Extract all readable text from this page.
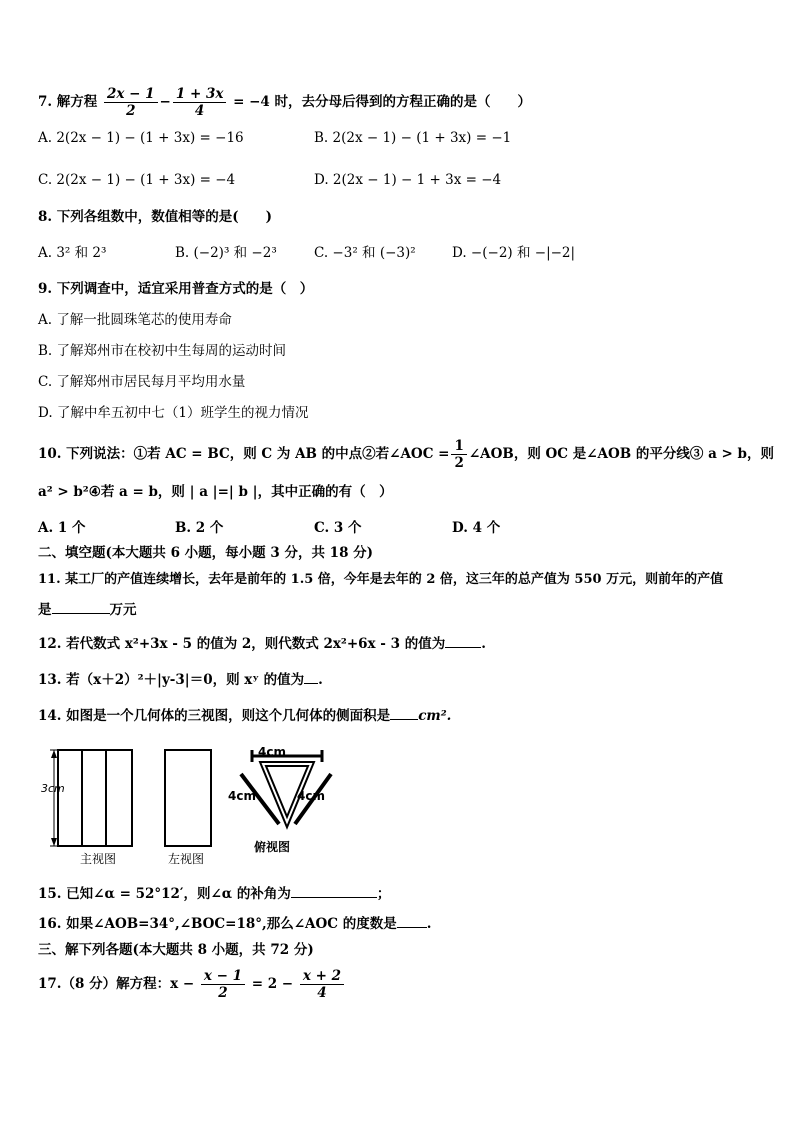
7. 解方程 $\frac{2x - 1}{2} - \frac{1 + 3x}{4} = -4$ 时，去分母后得到的方程正确的是（　　）
A. 2(2x − 1) − (1 + 3x) = −16	B. 2(2x − 1) − (1 + 3x) = −1
C. 2(2x − 1) − (1 + 3x) = −4	D. 2(2x − 1) − 1 + 3x = −4
8. 下列各组数中，数值相等的是(　　)
A. 3² 和 2³	B. (−2)³ 和 −2³	C. −3² 和 (−3)²	D. −(−2) 和 −|−2|
9. 下列调查中，适宜采用普查方式的是（　）
A. 了解一批圆珠笔芯的使用寿命
B. 了解郑州市在校初中生每周的运动时间
C. 了解郑州市居民每月平均用水量
D. 了解中牟五初中七（1）班学生的视力情况
10. 下列说法：①若 AC = BC，则 C 为 AB 的中点②若∠AOC = $\frac{1}{2}$ ∠AOB，则 OC 是∠AOB 的平分线③ a > b，则
a² > b²④若 a = b，则 | a |=| b |，其中正确的有（　）
A. 1 个	B. 2 个	C. 3 个	D. 4 个
二、填空题(本大题共 6 小题，每小题 3 分，共 18 分)
11. 某工厂的产值连续增长，去年是前年的 1.5 倍，今年是去年的 2 倍，这三年的总产值为 550 万元，则前年的产值
是	万元
12. 若代数式 x²+3x - 5 的值为 2，则代数式 2x²+6x - 3 的值为	.
13. 若（x＋2）²＋|y-3|＝0，则 xʸ 的值为 .
14. 如图是一个几何体的三视图，则这个几何体的侧面积是 cm².
3cm
4cm
4cm	4cm
主视图	左视图
俯视图
15. 已知∠α = 52°12′，则∠α 的补角为	；
16. 如果∠AOB=34°,∠BOC=18°,那么∠AOC 的度数是 .
三、解下列各题(本大题共 8 小题，共 72 分)
17.（8 分）解方程：$x - \frac{x - 1}{2} = 2 - \frac{x + 2}{4}$
